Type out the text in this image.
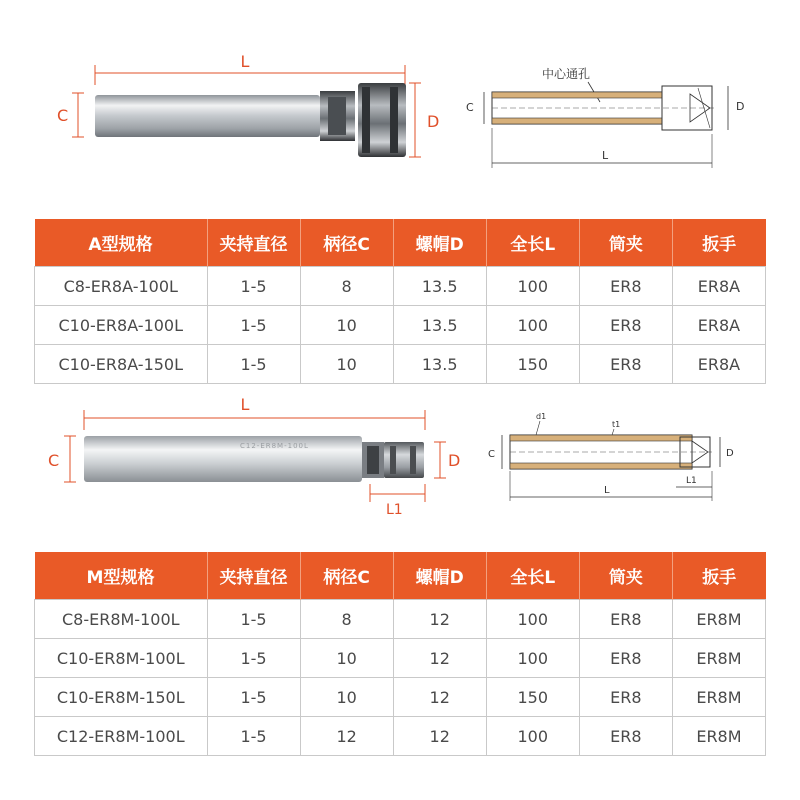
L
C	D
中心通孔
C	D
L
A型规格	夹持直径	柄径C	螺帽D	全长L	筒夹	扳手
C8-ER8A-100L	1-5	8	13.5	100	ER8	ER8A
C10-ER8A-100L	1-5	10	13.5	100	ER8	ER8A
C10-ER8A-150L	1-5	10	13.5	150	ER8	ER8A
L
C	D
L1
C12-ER8M-100L
d1
t1
C	D
L1
L
M型规格	夹持直径	柄径C	螺帽D	全长L	筒夹	扳手
C8-ER8M-100L	1-5	8	12	100	ER8	ER8M
C10-ER8M-100L	1-5	10	12	100	ER8	ER8M
C10-ER8M-150L	1-5	10	12	150	ER8	ER8M
C12-ER8M-100L	1-5	12	12	100	ER8	ER8M
